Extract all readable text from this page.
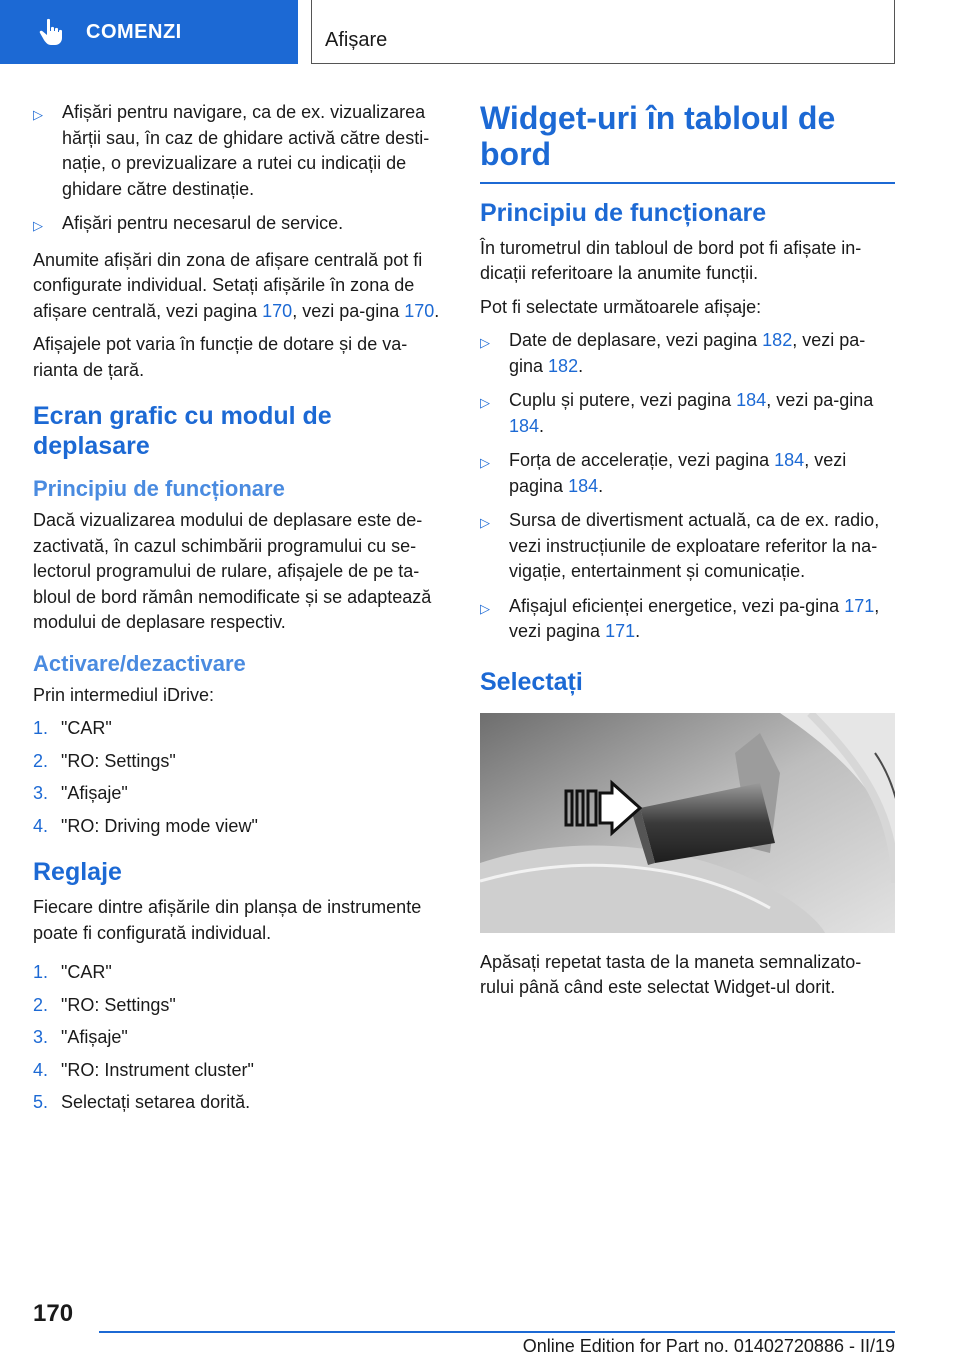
COMENZI	Afișare
▷	Afișări pentru navigare, ca de ex. vizualizarea hărții sau, în caz de ghidare activă către desti-nație, o previzualizare a rutei cu indicații de ghidare către destinație.
▷	Afișări pentru necesarul de service.

Anumite afișări din zona de afișare centrală pot fi configurate individual. Setați afișările în zona de afișare centrală, vezi pagina 170, vezi pa-gina 170.

Afișajele pot varia în funcție de dotare și de va-rianta de țară.

Ecran grafic cu modul de deplasare
Principiu de funcționare

Dacă vizualizarea modului de deplasare este de-zactivată, în cazul schimbării programului cu se-lectorul programului de rulare, afișajele de pe ta-bloul de bord rămân nemodificate și se adaptează modului de deplasare respectiv.

Activare/dezactivare

Prin intermediul iDrive:

1. "CAR"
2. "RO: Settings"
3. "Afișaje"
4. "RO: Driving mode view"
Reglaje

Fiecare dintre afișările din planșa de instrumente poate fi configurată individual.

1. "CAR"
2. "RO: Settings"
3. "Afișaje"
4. "RO: Instrument cluster"
5. Selectați setarea dorită.
Widget-uri în tabloul de bord
Principiu de funcționare

În turometrul din tabloul de bord pot fi afișate in-dicații referitoare la anumite funcții.

Pot fi selectate următoarele afișaje:

▷	Date de deplasare, vezi pagina 182, vezi pa-gina 182.
▷	Cuplu și putere, vezi pagina 184, vezi pa-gina 184.
▷	Forța de accelerație, vezi pagina 184, vezi pagina 184.
▷	Sursa de divertisment actuală, ca de ex. radio, vezi instrucțiunile de exploatare referitor la na-vigație, entertainment și comunicație.
▷	Afișajul eficienței energetice, vezi pa-gina 171, vezi pagina 171.
Selectați

Apăsați repetat tasta de la maneta semnalizato-rului până când este selectat Widget-ul dorit.

170
Online Edition for Part no. 01402720886 - II/19
